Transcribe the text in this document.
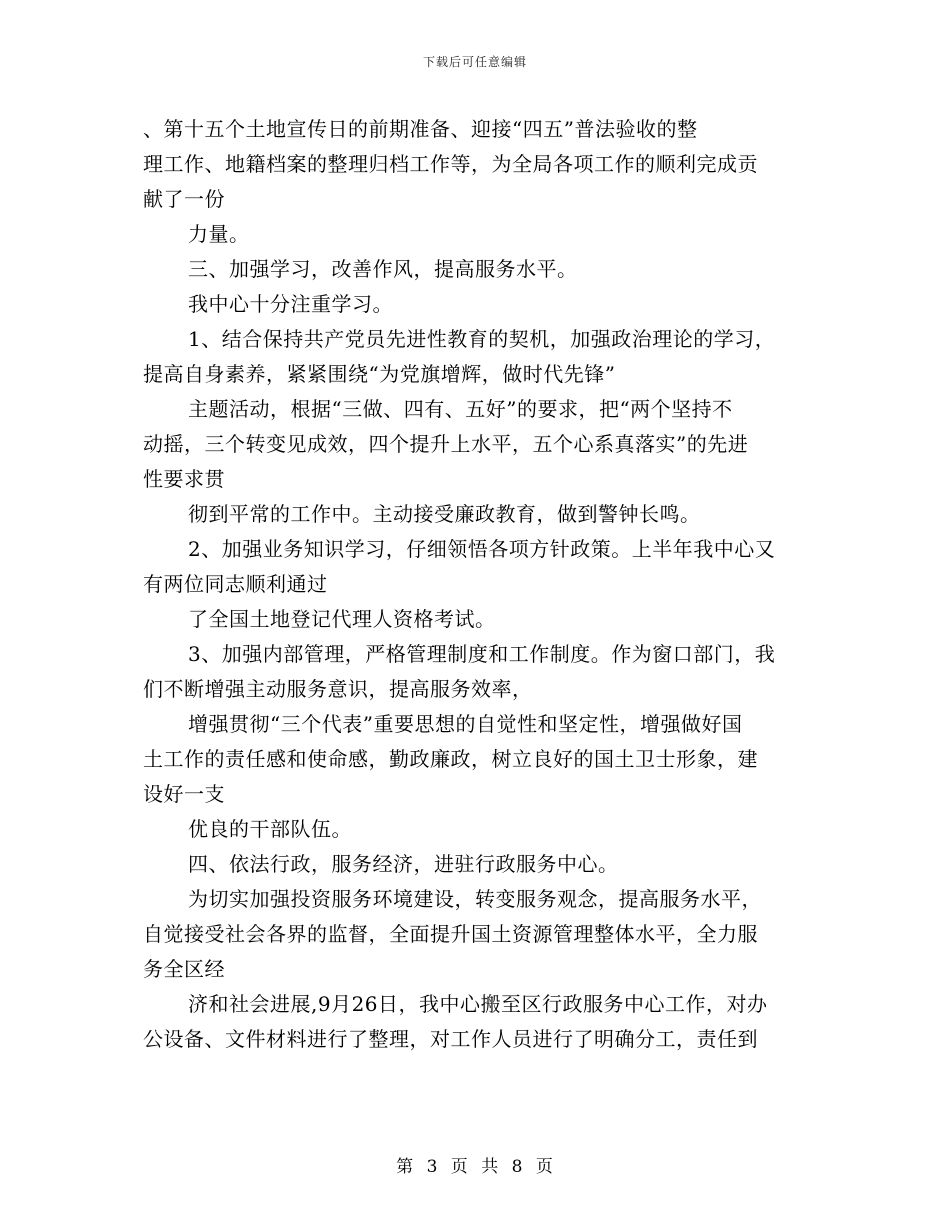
下载后可任意编辑
、第十五个土地宣传日的前期准备、迎接“四五”普法验收的整
理工作、地籍档案的整理归档工作等，为全局各项工作的顺利完成贡
献了一份
力量。
三、加强学习，改善作风，提高服务水平。
我中心十分注重学习。
1、结合保持共产党员先进性教育的契机，加强政治理论的学习，
提高自身素养，紧紧围绕“为党旗增辉，做时代先锋”
主题活动，根据“三做、四有、五好”的要求，把“两个坚持不
动摇，三个转变见成效，四个提升上水平，五个心系真落实”的先进
性要求贯
彻到平常的工作中。主动接受廉政教育，做到警钟长鸣。
2、加强业务知识学习，仔细领悟各项方针政策。上半年我中心又
有两位同志顺利通过
了全国土地登记代理人资格考试。
3、加强内部管理，严格管理制度和工作制度。作为窗口部门，我
们不断增强主动服务意识，提高服务效率，
增强贯彻“三个代表”重要思想的自觉性和坚定性，增强做好国
土工作的责任感和使命感，勤政廉政，树立良好的国土卫士形象，建
设好一支
优良的干部队伍。
四、依法行政，服务经济，进驻行政服务中心。
为切实加强投资服务环境建设，转变服务观念，提高服务水平，
自觉接受社会各界的监督，全面提升国土资源管理整体水平，全力服
务全区经
济和社会进展,9月26日，我中心搬至区行政服务中心工作，对办
公设备、文件材料进行了整理，对工作人员进行了明确分工，责任到
第 3 页 共 8 页
